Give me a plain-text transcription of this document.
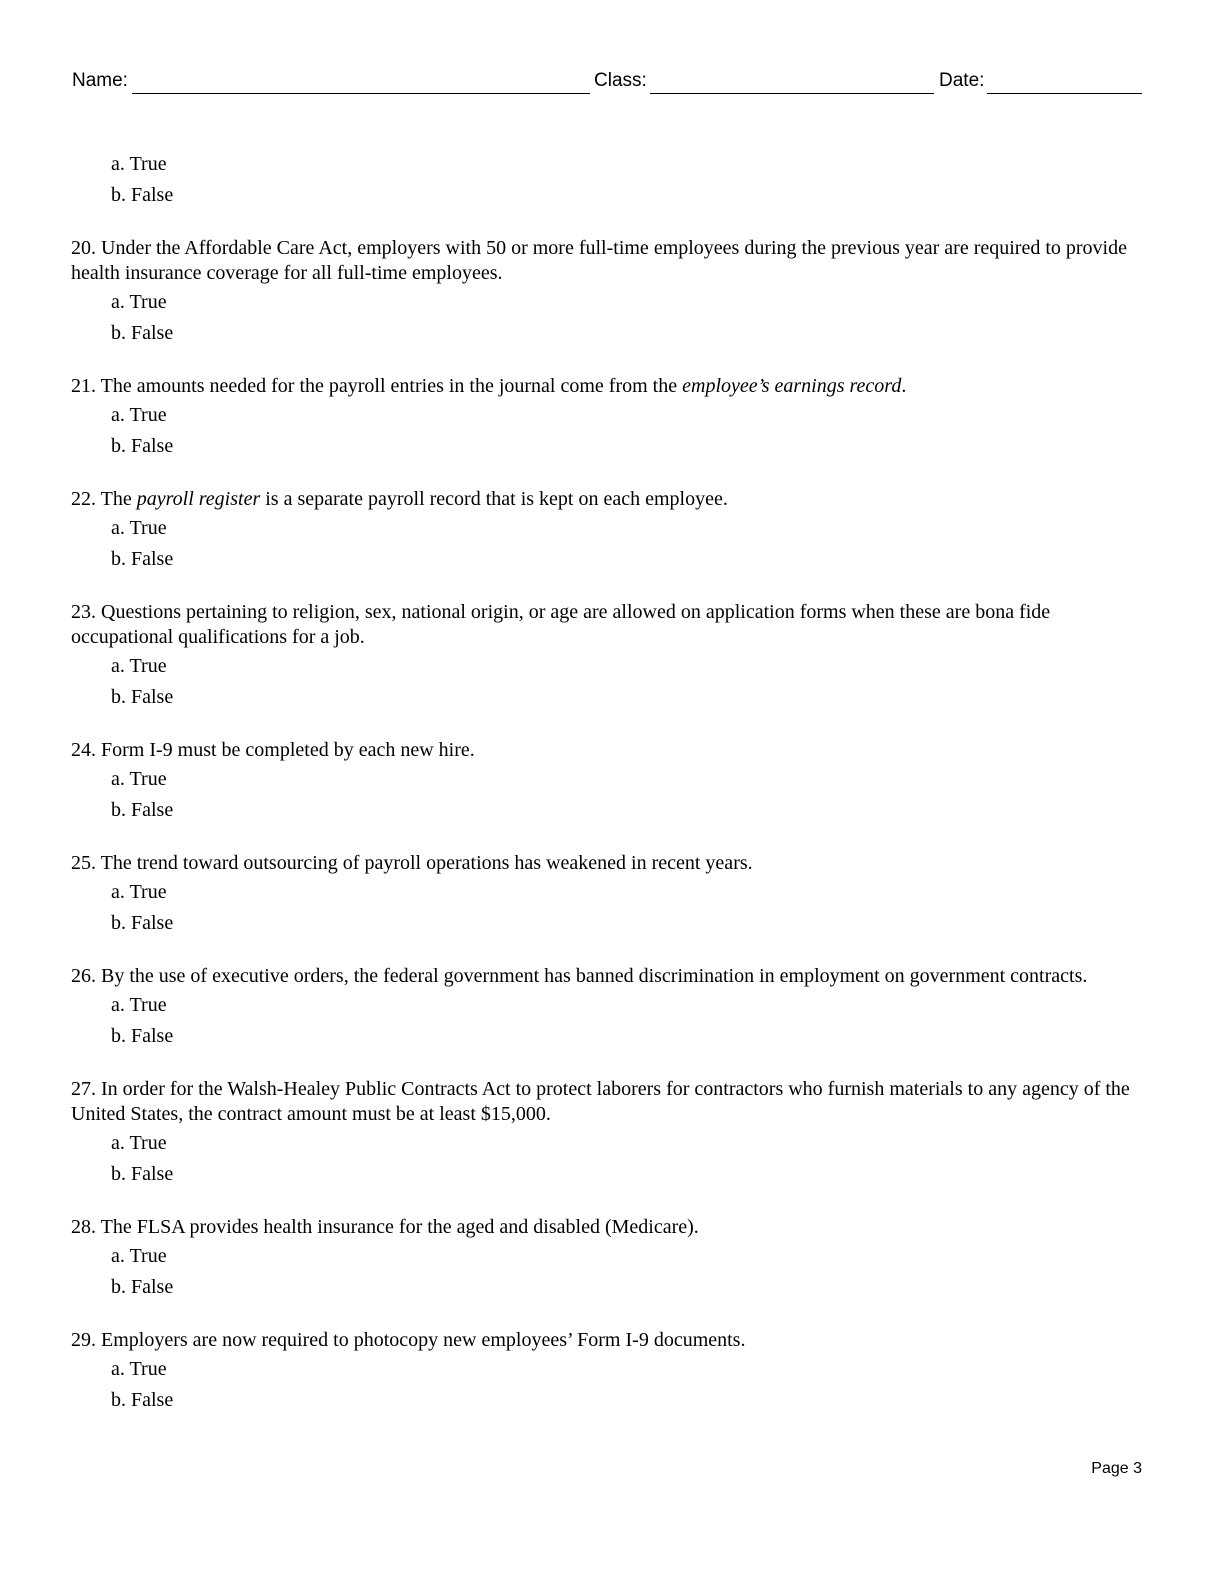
Name:	Class:	Date:
a. True
b. False

20. Under the Affordable Care Act, employers with 50 or more full-time employees during the previous year are required to provide health insurance coverage for all full-time employees.

a. True
b. False

21. The amounts needed for the payroll entries in the journal come from the employee’s earnings record.

a. True
b. False

22. The payroll register is a separate payroll record that is kept on each employee.

a. True
b. False

23. Questions pertaining to religion, sex, national origin, or age are allowed on application forms when these are bona fide occupational qualifications for a job.

a. True
b. False

24. Form I-9 must be completed by each new hire.

a. True
b. False

25. The trend toward outsourcing of payroll operations has weakened in recent years.

a. True
b. False

26. By the use of executive orders, the federal government has banned discrimination in employment on government contracts.

a. True
b. False

27. In order for the Walsh-Healey Public Contracts Act to protect laborers for contractors who furnish materials to any agency of the United States, the contract amount must be at least $15,000.

a. True
b. False

28. The FLSA provides health insurance for the aged and disabled (Medicare).

a. True
b. False

29. Employers are now required to photocopy new employees’ Form I-9 documents.

a. True
b. False
Page 3
